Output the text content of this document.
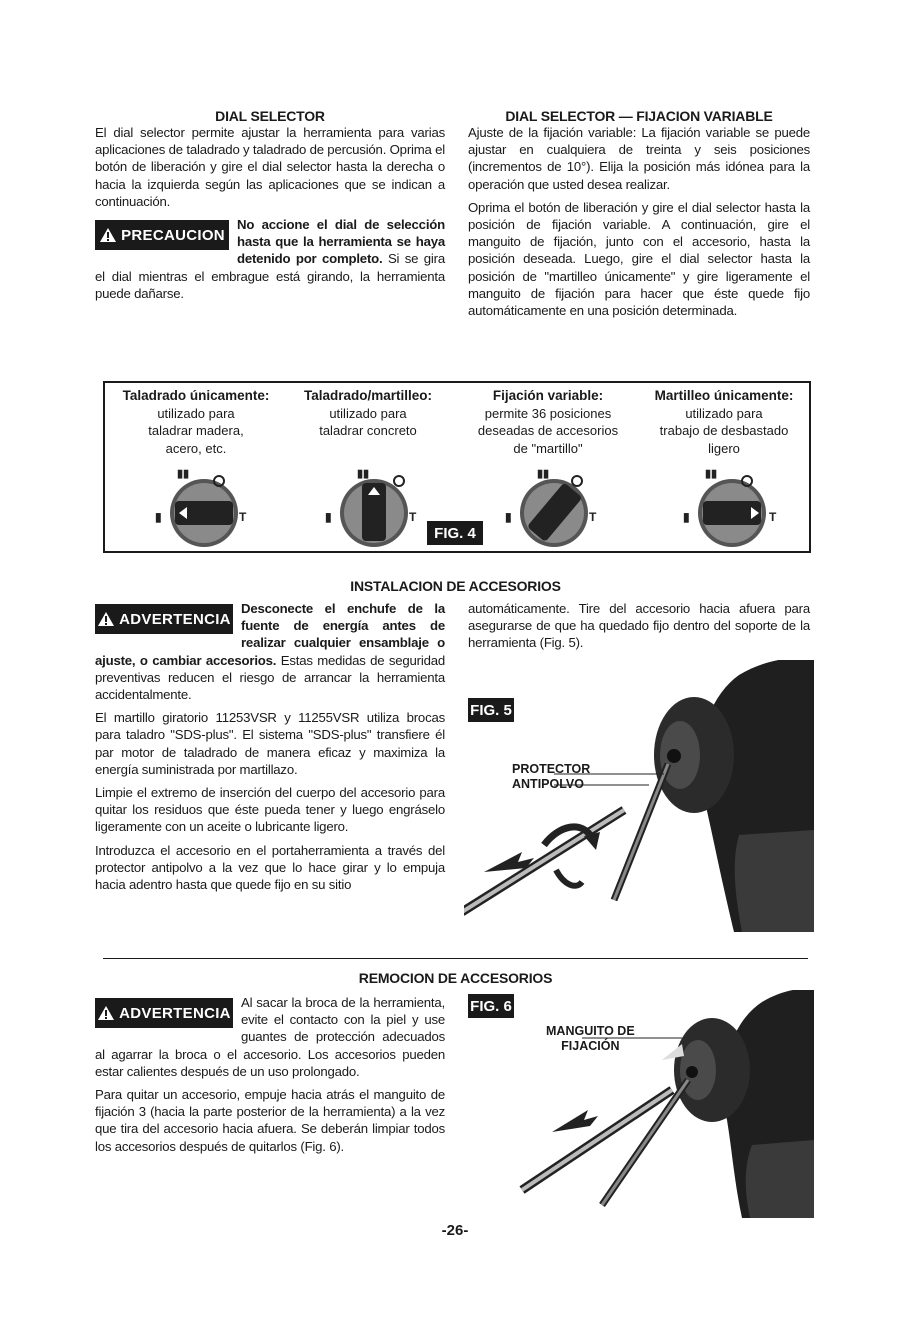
DIAL SELECTOR

El dial selector permite ajustar la herramienta para varias aplicaciones de taladrado y taladrado de percusión. Oprima el botón de liberación y gire el dial selector hasta la derecha o hacia la izquierda según las aplicaciones que se indican a continuación.

PRECAUCION

No accione el dial de selección hasta que la herramienta se haya detenido por completo. Si se gira el dial mientras el embrague está girando, la herramienta puede dañarse.

DIAL SELECTOR — FIJACION VARIABLE

Ajuste de la fijación variable: La fijación variable se puede ajustar en cualquiera de treinta y seis posiciones (incrementos de 10°). Elija la posición más idónea para la operación que usted desea realizar.

Oprima el botón de liberación y gire el dial selector hasta la posición de fijación variable. A continuación, gire el manguito de fijación, junto con el accesorio, hasta la posición deseada. Luego, gire el dial selector hasta la posición de "martilleo únicamente" y gire ligeramente el manguito de fijación para hacer que éste quede fijo automáticamente en una posición determinada.

Taladrado únicamente:
utilizado para
taladrar madera,
acero, etc.
Taladrado/martilleo:
utilizado para
taladrar concreto
Fijación variable:
permite 36 posiciones
deseadas de accesorios
de "martillo"
Martilleo únicamente:
utilizado para
trabajo de desbastado
ligero
▮▮
T
▮
▮▮
T
▮
▮▮
T
▮
▮▮
T
▮
FIG. 4
INSTALACION DE ACCESORIOS
ADVERTENCIA

Desconecte el enchufe de la fuente de energía antes de realizar cualquier ensamblaje o ajuste, o cambiar accesorios. Estas medidas de seguridad preventivas reducen el riesgo de arrancar la herramienta accidentalmente.

El martillo giratorio 11253VSR y 11255VSR utiliza brocas para taladro "SDS-plus". El sistema "SDS-plus" transfiere él par motor de taladrado de manera eficaz y maximiza la energía suministrada por martillazo.

Limpie el extremo de inserción del cuerpo del accesorio para quitar los residuos que éste pueda tener y luego engráselo ligeramente con un aceite o lubricante ligero.

Introduzca el accesorio en el portaherramienta a través del protector antipolvo a la vez que lo hace girar y lo empuja hacia adentro hasta que quede fijo en su sitio

automáticamente. Tire del accesorio hacia afuera para asegurarse de que ha quedado fijo dentro del soporte de la herramienta (Fig. 5).

FIG. 5
PROTECTOR
ANTIPOLVO
REMOCION DE ACCESORIOS
ADVERTENCIA

Al sacar la broca de la herramienta, evite el contacto con la piel y use guantes de protección adecuados al agarrar la broca o el accesorio. Los accesorios pueden estar calientes después de un uso prolongado.

Para quitar un accesorio, empuje hacia atrás el manguito de fijación 3 (hacia la parte posterior de la herramienta) a la vez que tira del accesorio hacia afuera. Se deberán limpiar todos los accesorios después de quitarlos (Fig. 6).

FIG. 6
MANGUITO DE
FIJACIÓN
-26-
